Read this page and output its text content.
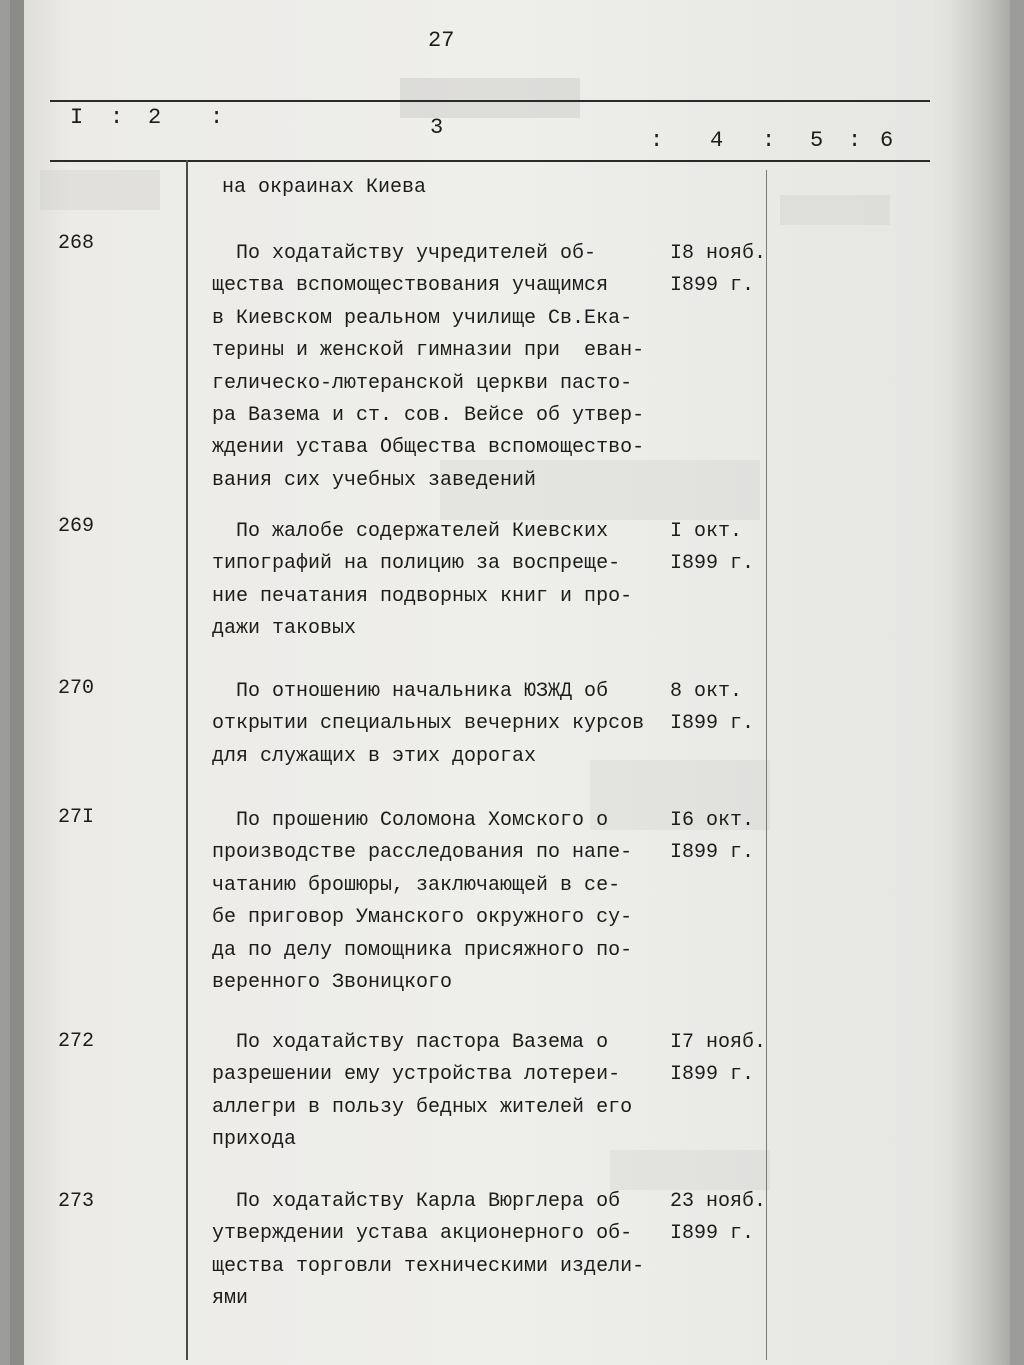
27
I : 2 :	3
: 4 : 5 : 6
на окраинах Киева
268	По ходатайству учредителей об-
щества вспомоществования учащимся
в Киевском реальном училище Св.Ека-
терины и женской гимназии при  еван-
гелическо-лютеранской церкви пасто-
ра Вазема и ст. сов. Вейсе об утвер-
ждении устава Общества вспомоществo-
вания сих учебных заведений
I8 нояб.
I899 г.
269	По жалобе содержателей Киевских
типографий на полицию за воспреще-
ние печатания подворных книг и про-
дажи таковых
I окт.
I899 г.
270	По отношению начальника ЮЗЖД об
открытии специальных вечерних курсов
для служащих в этих дорогах
8 окт.
I899 г.
27I	По прошению Соломона Хомского о
производстве расследования по напе-
чатанию брошюры, заключающей в се-
бе приговор Уманского окружного су-
да по делу помощника присяжного по-
веренного Звоницкого
I6 окт.
I899 г.
272	По ходатайству пастора Вазема о
разрешении ему устройства лотереи-
аллегри в пользу бедных жителей его
прихода
I7 нояб.
I899 г.
273	По ходатайству Карла Вюрглера об
утверждении устава акционерного об-
щества торговли техническими издели-
ями
23 нояб.
I899 г.
